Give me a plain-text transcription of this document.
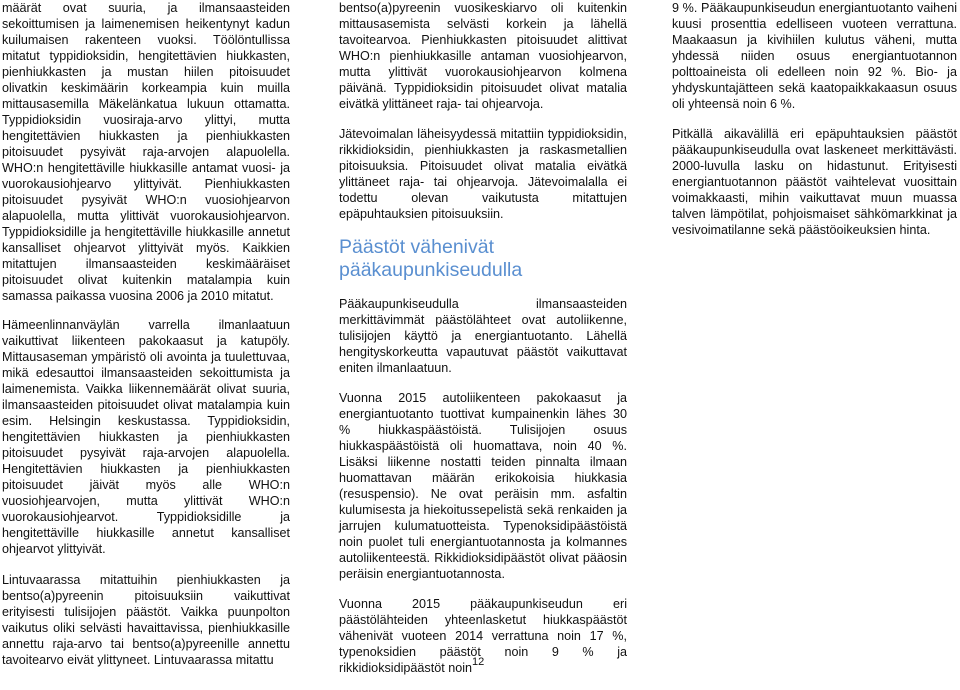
määrät ovat suuria, ja ilmansaasteiden sekoittumisen ja laimenemisen heikentynyt kadun kuilumaisen rakenteen vuoksi. Töölöntullissa mitatut typpidioksidin, hengitettävien hiukkasten, pienhiukkasten ja mustan hiilen pitoisuudet olivatkin keskimäärin korkeampia kuin muilla mittausasemilla Mäkelänkatua lukuun ottamatta. Typpidioksidin vuosiraja-arvo ylittyi, mutta hengitettävien hiukkasten ja pienhiukkasten pitoisuudet pysyivät raja-arvojen alapuolella. WHO:n hengitettäville hiukkasille antamat vuosi- ja vuorokausiohjearvo ylittyivät. Pienhiukkasten pitoisuudet pysyivät WHO:n vuosiohjearvon alapuolella, mutta ylittivät vuorokausiohjearvon. Typpidioksidille ja hengitettäville hiukkasille annetut kansalliset ohjearvot ylittyivät myös. Kaikkien mitattujen ilmansaasteiden keskimääräiset pitoisuudet olivat kuitenkin matalampia kuin samassa paikassa vuosina 2006 ja 2010 mitatut.

Hämeenlinnanväylän varrella ilmanlaatuun vaikuttivat liikenteen pakokaasut ja katupöly. Mittausaseman ympäristö oli avointa ja tuulettuvaa, mikä edesauttoi ilmansaasteiden sekoittumista ja laimenemista. Vaikka liikennemäärät olivat suuria, ilmansaasteiden pitoisuudet olivat matalampia kuin esim. Helsingin keskustassa. Typpidioksidin, hengitettävien hiukkasten ja pienhiukkasten pitoisuudet pysyivät raja-arvojen alapuolella. Hengitettävien hiukkasten ja pienhiukkasten pitoisuudet jäivät myös alle WHO:n vuosiohjearvojen, mutta ylittivät WHO:n vuorokausiohjearvot. Typpidioksidille ja hengitettäville hiukkasille annetut kansalliset ohjearvot ylittyivät.

Lintuvaarassa mitattuihin pienhiukkasten ja bentso(a)pyreenin pitoisuuksiin vaikuttivat erityisesti tulisijojen päästöt. Vaikka puunpolton vaikutus oliki selvästi havaittavissa, pienhiukkasille annettu raja-arvo tai bentso(a)pyreenille annettu tavoitearvo eivät ylittyneet. Lintuvaarassa mitattu

bentso(a)pyreenin vuosikeskiarvo oli kuitenkin mittausasemista selvästi korkein ja lähellä tavoitearvoa. Pienhiukkasten pitoisuudet alittivat WHO:n pienhiukkasille antaman vuosiohjearvon, mutta ylittivät vuorokausiohjearvon kolmena päivänä. Typpidioksidin pitoisuudet olivat matalia eivätkä ylittäneet raja- tai ohjearvoja.

Jätevoimalan läheisyydessä mitattiin typpidioksidin, rikkidioksidin, pienhiukkasten ja raskasmetallien pitoisuuksia. Pitoisuudet olivat matalia eivätkä ylittäneet raja- tai ohjearvoja. Jätevoimalalla ei todettu olevan vaikutusta mitattujen epäpuhtauksien pitoisuuksiin.

Päästöt vähenivät pääkaupunkiseudulla

Pääkaupunkiseudulla ilmansaasteiden merkittävimmät päästölähteet ovat autoliikenne, tulisijojen käyttö ja energiantuotanto. Lähellä hengityskorkeutta vapautuvat päästöt vaikuttavat eniten ilmanlaatuun.

Vuonna 2015 autoliikenteen pakokaasut ja energiantuotanto tuottivat kumpainenkin lähes 30 % hiukkaspäästöistä. Tulisijojen osuus hiukkaspäästöistä oli huomattava, noin 40 %. Lisäksi liikenne nostatti teiden pinnalta ilmaan huomattavan määrän erikokoisia hiukkasia (resuspensio). Ne ovat peräisin mm. asfaltin kulumisesta ja hiekoitussepelistä sekä renkaiden ja jarrujen kulumatuotteista. Typenoksidipäästöistä noin puolet tuli energiantuotannosta ja kolmannes autoliikenteestä. Rikkidioksidipäästöt olivat pääosin peräisin energiantuotannosta.

Vuonna 2015 pääkaupunkiseudun eri päästölähteiden yhteenlasketut hiukkaspäästöt vähenivät vuoteen 2014 verrattuna noin 17 %, typenoksidien päästöt noin 9 % ja rikkidioksidipäästöt noin

9 %. Pääkaupunkiseudun energiantuotanto vaiheni kuusi prosenttia edelliseen vuoteen verrattuna. Maakaasun ja kivihiilen kulutus väheni, mutta yhdessä niiden osuus energiantuotannon polttoaineista oli edelleen noin 92 %. Bio- ja yhdyskuntajätteen sekä kaatopaikkakaasun osuus oli yhteensä noin 6 %.

Pitkällä aikavälillä eri epäpuhtauksien päästöt pääkaupunkiseudulla ovat laskeneet merkittävästi. 2000-luvulla lasku on hidastunut. Erityisesti energiantuotannon päästöt vaihtelevat vuosittain voimakkaasti, mihin vaikuttavat muun muassa talven lämpötilat, pohjoismaiset sähkömarkkinat ja vesivoimatilanne sekä päästöoikeuksien hinta.

12
